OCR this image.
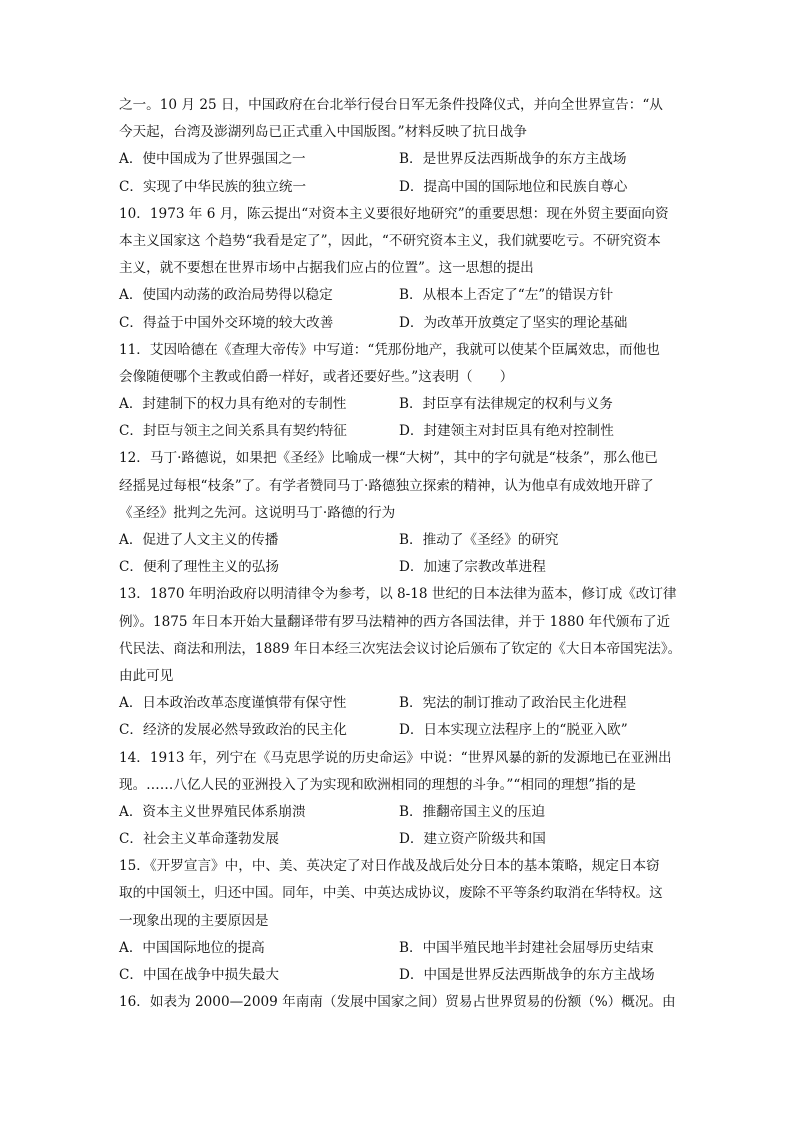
之一。10 月 25 日，中国政府在台北举行侵台日军无条件投降仪式，并向全世界宣告：“从
今天起，台湾及澎湖列岛已正式重入中国版图。”材料反映了抗日战争
A．使中国成为了世界强国之一	B．是世界反法西斯战争的东方主战场
C．实现了中华民族的独立统一	D．提高中国的国际地位和民族自尊心
10．1973 年 6 月，陈云提出“对资本主义要很好地研究”的重要思想：现在外贸主要面向资
本主义国家这 个趋势“我看是定了”，因此，“不研究资本主义，我们就要吃亏。不研究资本
主义，就不要想在世界市场中占据我们应占的位置”。这一思想的提出
A．使国内动荡的政治局势得以稳定	B．从根本上否定了“左”的错误方针
C．得益于中国外交环境的较大改善	D．为改革开放奠定了坚实的理论基础
11．艾因哈德在《查理大帝传》中写道：“凭那份地产，我就可以使某个臣属效忠，而他也
会像随便哪个主教或伯爵一样好，或者还要好些。”这表明（　　）
A．封建制下的权力具有绝对的专制性	B．封臣享有法律规定的权利与义务
C．封臣与领主之间关系具有契约特征	D．封建领主对封臣具有绝对控制性
12．马丁·路德说，如果把《圣经》比喻成一棵“大树”，其中的字句就是“枝条”，那么他已
经摇晃过每根“枝条”了。有学者赞同马丁·路德独立探索的精神，认为他卓有成效地开辟了
《圣经》批判之先河。这说明马丁·路德的行为
A．促进了人文主义的传播	B．推动了《圣经》的研究
C．便利了理性主义的弘扬	D．加速了宗教改革进程
13．1870 年明治政府以明清律令为参考，以 8-18 世纪的日本法律为蓝本，修订成《改订律
例》。1875 年日本开始大量翻译带有罗马法精神的西方各国法律，并于 1880 年代颁布了近
代民法、商法和刑法，1889 年日本经三次宪法会议讨论后颁布了钦定的《大日本帝国宪法》。
由此可见
A．日本政治改革态度谨慎带有保守性	B．宪法的制订推动了政治民主化进程
C．经济的发展必然导致政治的民主化	D．日本实现立法程序上的“脱亚入欧”
14．1913 年，列宁在《马克思学说的历史命运》中说：“世界风暴的新的发源地已在亚洲出
现。……八亿人民的亚洲投入了为实现和欧洲相同的理想的斗争。”“相同的理想”指的是
A．资本主义世界殖民体系崩溃	B．推翻帝国主义的压迫
C．社会主义革命蓬勃发展	D．建立资产阶级共和国
15．《开罗宣言》中，中、美、英决定了对日作战及战后处分日本的基本策略，规定日本窃
取的中国领土，归还中国。同年，中美、中英达成协议，废除不平等条约取消在华特权。这
一现象出现的主要原因是
A．中国国际地位的提高	B．中国半殖民地半封建社会屈辱历史结束
C．中国在战争中损失最大	D．中国是世界反法西斯战争的东方主战场
16．如表为 2000—2009 年南南（发展中国家之间）贸易占世界贸易的份额（%）概况。由
